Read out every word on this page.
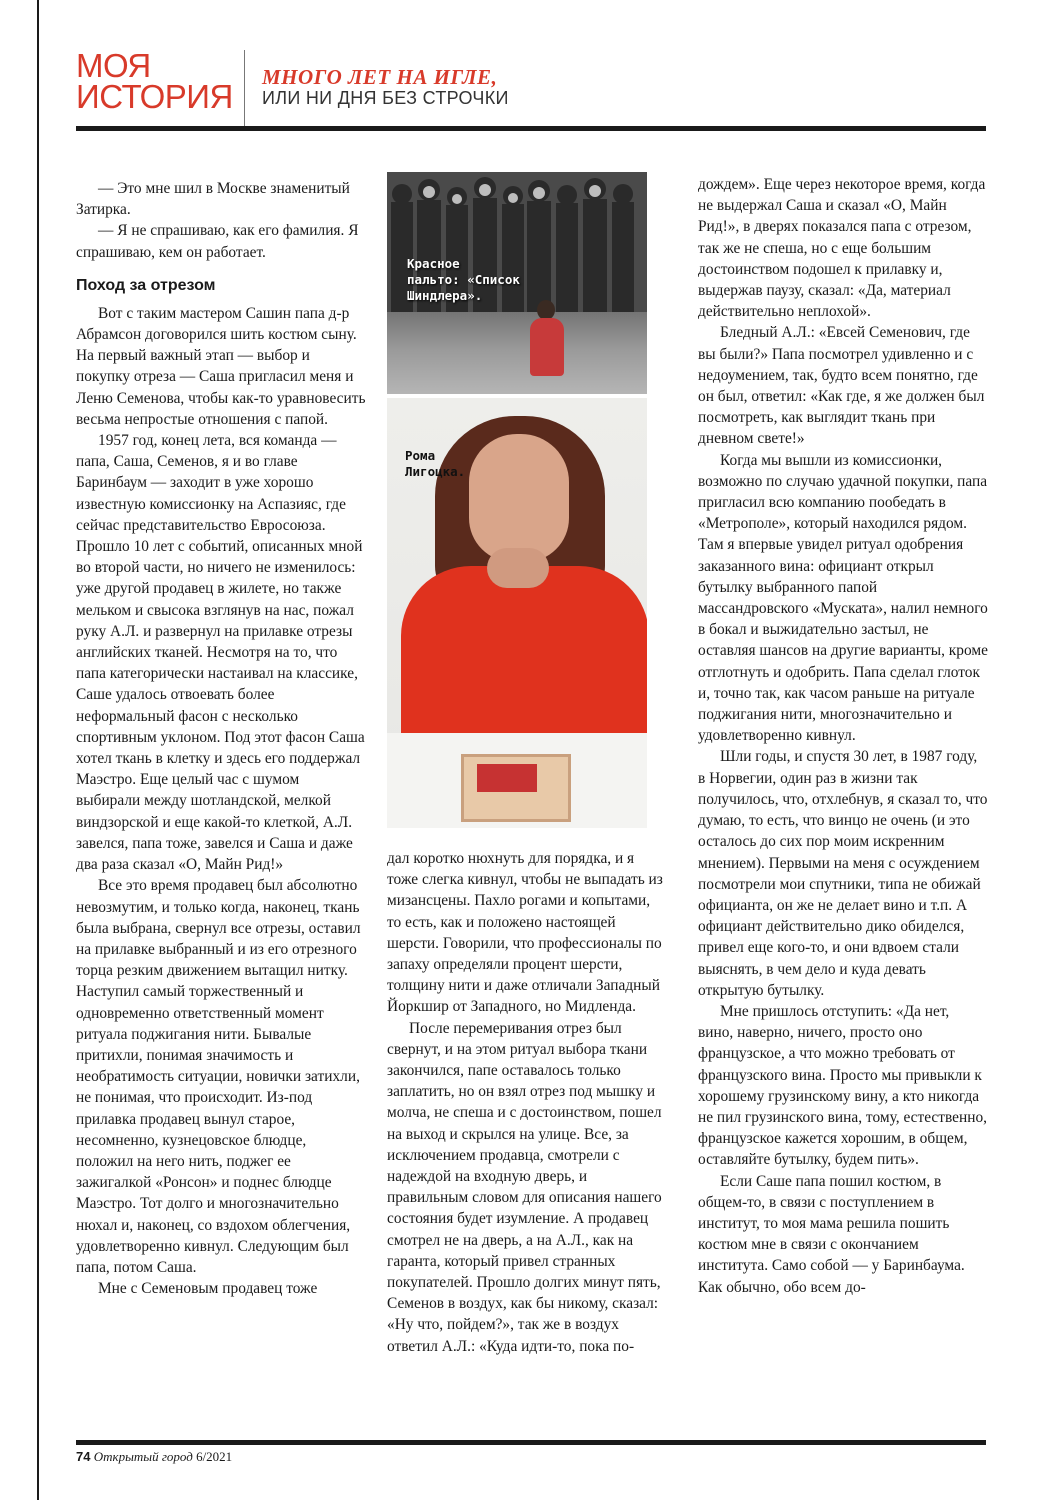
МОЯ
ИСТОРИЯ
МНОГО ЛЕТ НА ИГЛЕ,
ИЛИ НИ ДНЯ БЕЗ СТРОЧКИ

— Это мне шил в Москве знаменитый Затирка.

— Я не спрашиваю, как его фамилия. Я спрашиваю, кем он работает.

Поход за отрезом

Вот с таким мастером Сашин папа д-р Абрамсон договорился шить костюм сыну. На первый важный этап — выбор и покупку отреза — Саша пригласил меня и Леню Семенова, чтобы как-то уравновесить весьма непростые отношения с папой.

1957 год, конец лета, вся команда — папа, Саша, Семенов, я и во главе Баринбаум — заходит в уже хорошо известную комиссионку на Аспазияс, где сейчас представительство Евросоюза. Прошло 10 лет с событий, описанных мной во второй части, но ничего не изменилось: уже другой продавец в жилете, но также мельком и свысока взглянув на нас, пожал руку А.Л. и развернул на прилавке отрезы английских тканей. Несмотря на то, что папа категорически настаивал на классике, Саше удалось отвоевать более неформальный фасон с несколько спортивным уклоном. Под этот фасон Саша хотел ткань в клетку и здесь его поддержал Маэстро. Еще целый час с шумом выбирали между шотландской, мелкой виндзорской и еще какой-то клеткой, А.Л. завелся, папа тоже, завелся и Саша и даже два раза сказал «О, Майн Рид!»

Все это время продавец был абсолютно невозмутим, и только когда, наконец, ткань была выбрана, свернул все отрезы, оставил на прилавке выбранный и из его отрезного торца резким движением вытащил нитку. Наступил самый торжественный и одновременно ответственный момент ритуала поджигания нити. Бывалые притихли, понимая значимость и необратимость ситуации, новички затихли, не понимая, что происходит. Из-под прилавка продавец вынул старое, несомненно, кузнецовское блюдце, положил на него нить, поджег ее зажигалкой «Ронсон» и поднес блюдце Маэстро. Тот долго и многозначительно нюхал и, наконец, со вздохом облегчения, удовлетворенно кивнул. Следующим был папа, потом Саша.

Мне с Семеновым продавец тоже

Красное
пальто: «Список
Шиндлера».
Рома
Лигоцка.

дал коротко нюхнуть для порядка, и я тоже слегка кивнул, чтобы не выпадать из мизансцены. Пахло рогами и копытами, то есть, как и положено настоящей шерсти. Говорили, что профессионалы по запаху определяли процент шерсти, толщину нити и даже отличали Западный Йоркшир от Западного, но Мидленда.

После перемеривания отрез был свернут, и на этом ритуал выбора ткани закончился, папе оставалось только заплатить, но он взял отрез под мышку и молча, не спеша и с достоинством, пошел на выход и скрылся на улице. Все, за исключением продавца, смотрели с надеждой на входную дверь, и правильным словом для описания нашего состояния будет изумление. А продавец смотрел не на дверь, а на А.Л., как на гаранта, который привел странных покупателей. Прошло долгих минут пять, Семенов в воздух, как бы никому, сказал: «Ну что, пойдем?», так же в воздух ответил А.Л.: «Куда идти-то, пока по-

дождем». Еще через некоторое время, когда не выдержал Саша и сказал «О, Майн Рид!», в дверях показался папа с отрезом, так же не спеша, но с еще большим достоинством подошел к прилавку и, выдержав паузу, сказал: «Да, материал действительно неплохой».

Бледный А.Л.: «Евсей Семенович, где вы были?» Папа посмотрел удивленно и с недоумением, так, будто всем понятно, где он был, ответил: «Как где, я же должен был посмотреть, как выглядит ткань при дневном свете!»

Когда мы вышли из комиссионки, возможно по случаю удачной покупки, папа пригласил всю компанию пообедать в «Метрополе», который находился рядом. Там я впервые увидел ритуал одобрения заказанного вина: официант открыл бутылку выбранного папой массандровского «Муската», налил немного в бокал и выжидательно застыл, не оставляя шансов на другие варианты, кроме отглотнуть и одобрить. Папа сделал глоток и, точно так, как часом раньше на ритуале поджигания нити, многозначительно и удовлетворенно кивнул.

Шли годы, и спустя 30 лет, в 1987 году, в Норвегии, один раз в жизни так получилось, что, отхлебнув, я сказал то, что думаю, то есть, что винцо не очень (и это осталось до сих пор моим искренним мнением). Первыми на меня с осуждением посмотрели мои спутники, типа не обижай официанта, он же не делает вино и т.п. А официант действительно дико обиделся, привел еще кого-то, и они вдвоем стали выяснять, в чем дело и куда девать открытую бутылку.

Мне пришлось отступить: «Да нет, вино, наверно, ничего, просто оно французское, а что можно требовать от французского вина. Просто мы привыкли к хорошему грузинскому вину, а кто никогда не пил грузинского вина, тому, естественно, французское кажется хорошим, в общем, оставляйте бутылку, будем пить».

Если Саше папа пошил костюм, в общем-то, в связи с поступлением в институт, то моя мама решила пошить костюм мне в связи с окончанием института. Само собой — у Баринбаума. Как обычно, обо всем до-

74 Открытый город 6/2021
